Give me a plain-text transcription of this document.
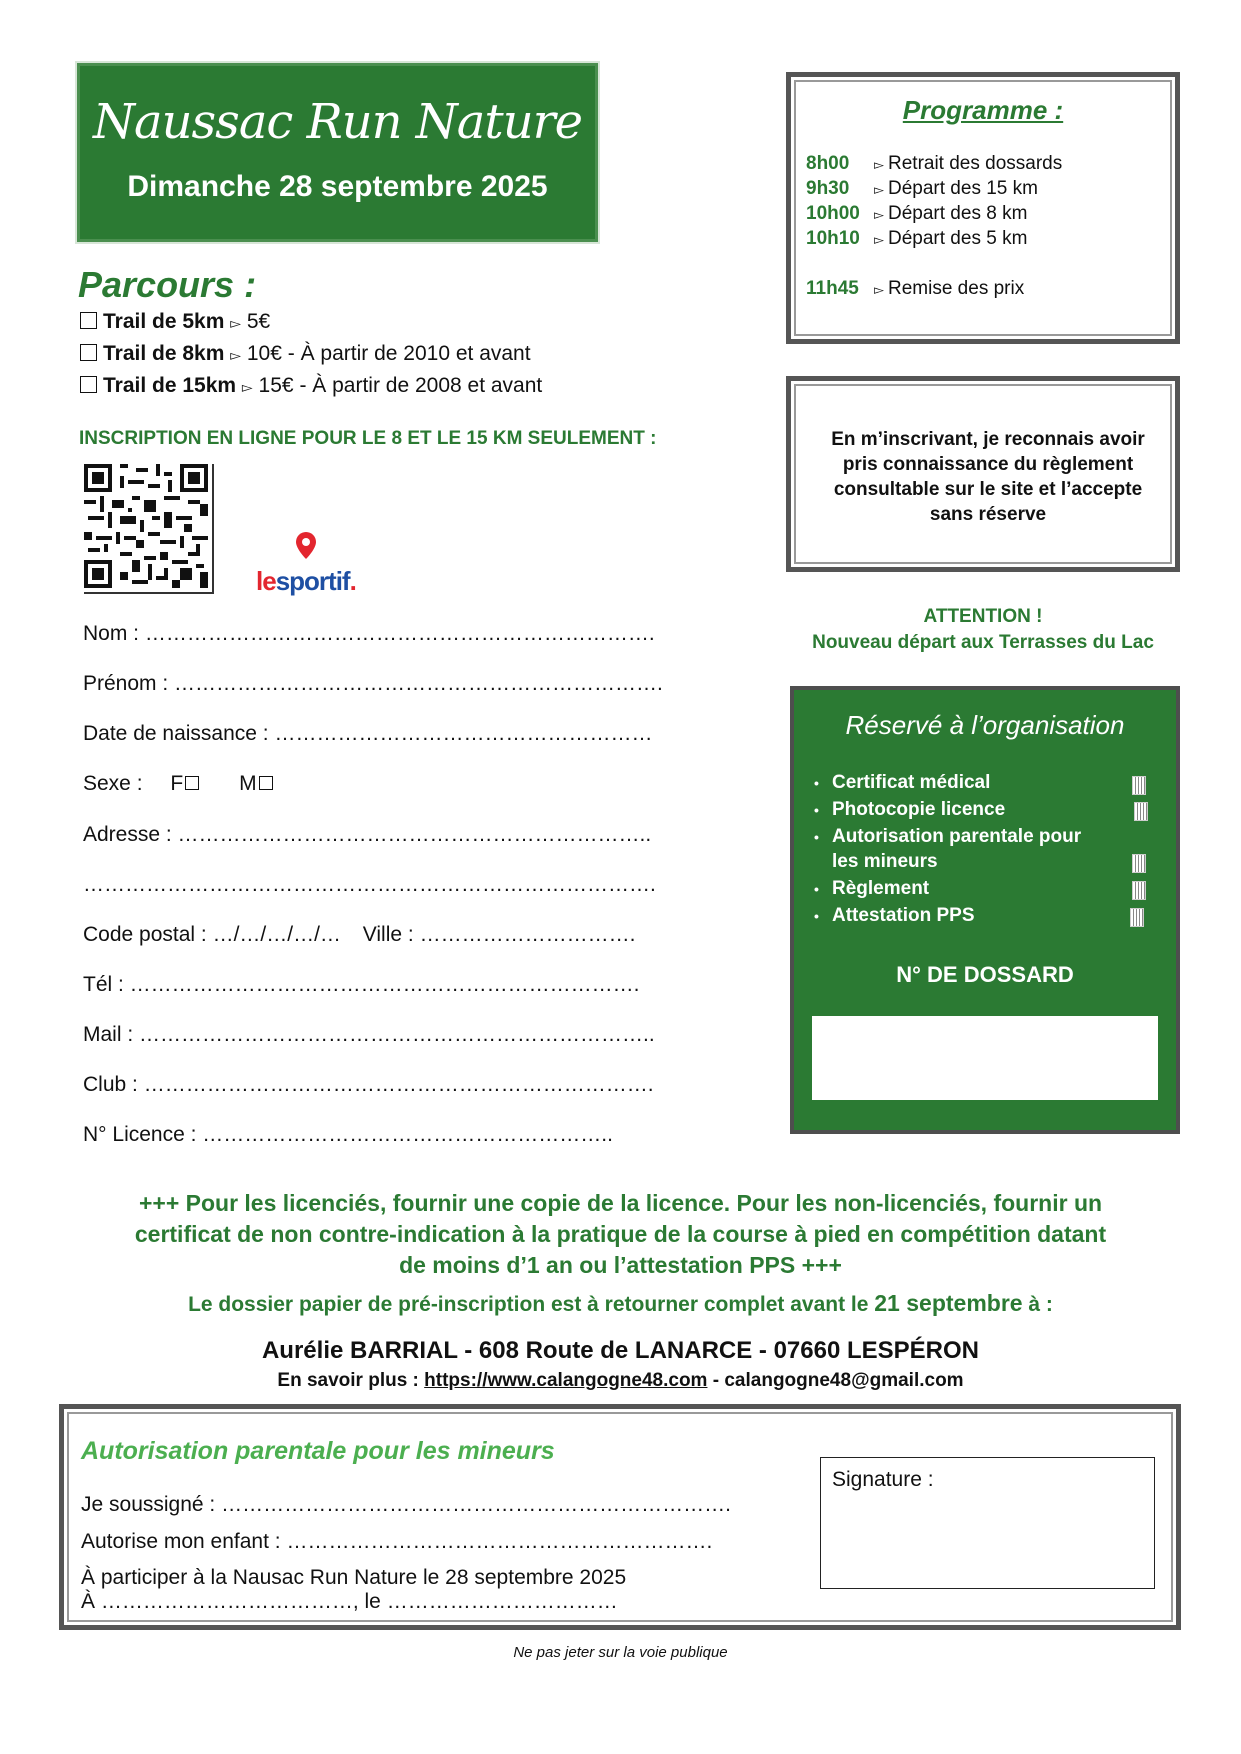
Naussac Run Nature
Dimanche 28 septembre 2025
Parcours :
Trail de 5km ▻ 5€
Trail de 8km ▻ 10€ - À partir de 2010 et avant
Trail de 15km ▻ 15€ - À partir de 2008 et avant
INSCRIPTION EN LIGNE POUR LE 8 ET LE 15 KM SEULEMENT :
lesportif.
Nom : ……………………………………………………………….
Prénom : …………………………………………………………….
Date de naissance : ………………………………………………
Sexe : F	M
Adresse : …………………………………………………………..
……………………………………………………………………….
Code postal : …/…/…/…/… Ville : ………………………….
Tél : ……………………………………………………………….
Mail : ………………………………………………………………..
Club : ……………………………………………………………….
N° Licence : …………………………………………………..
Programme :
8h00 ▻ Retrait des dossards
9h30 ▻ Départ des 15 km
10h00 ▻ Départ des 8 km
10h10 ▻ Départ des 5 km
11h45 ▻ Remise des prix
En m’inscrivant, je reconnais avoir
pris connaissance du règlement
consultable sur le site et l’accepte
sans réserve
ATTENTION !
Nouveau départ aux Terrasses du Lac
Réservé à l’organisation
• Certificat médical
• Photocopie licence
• Autorisation parentale pour
les mineurs
• Règlement
• Attestation PPS
N° DE DOSSARD
+++ Pour les licenciés, fournir une copie de la licence. Pour les non-licenciés, fournir un
certificat de non contre-indication à la pratique de la course à pied en compétition datant
de moins d’1 an ou l’attestation PPS +++
Le dossier papier de pré-inscription est à retourner complet avant le 21 septembre à :
Aurélie BARRIAL - 608 Route de LANARCE - 07660 LESPÉRON
En savoir plus : https://www.calangogne48.com - calangogne48@gmail.com
Autorisation parentale pour les mineurs
Je soussigné : ……………………………………………………………….
Autorise mon enfant : …………………………………………………….
À participer à la Nausac Run Nature le 28 septembre 2025
À ………………………………, le ……………………………
Signature :
Ne pas jeter sur la voie publique
